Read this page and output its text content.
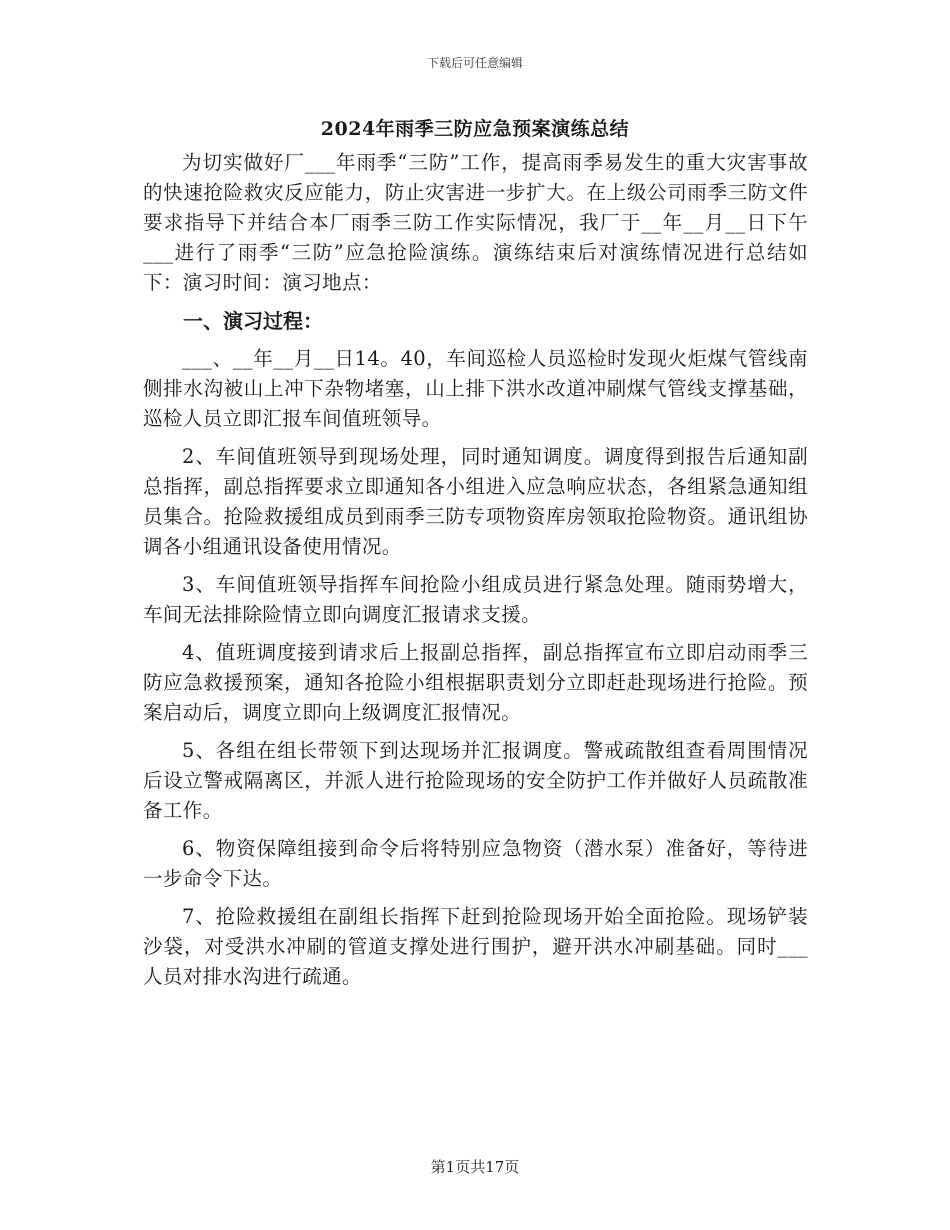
下载后可任意编辑
2024年雨季三防应急预案演练总结

为切实做好厂___年雨季“三防”工作，提高雨季易发生的重大灾害事故的快速抢险救灾反应能力，防止灾害进一步扩大。在上级公司雨季三防文件要求指导下并结合本厂雨季三防工作实际情况，我厂于__年__月__日下午___进行了雨季“三防”应急抢险演练。演练结束后对演练情况进行总结如下：演习时间：演习地点：

一、演习过程：

___、__年__月__日14。40，车间巡检人员巡检时发现火炬煤气管线南侧排水沟被山上冲下杂物堵塞，山上排下洪水改道冲刷煤气管线支撑基础，巡检人员立即汇报车间值班领导。

2、车间值班领导到现场处理，同时通知调度。调度得到报告后通知副总指挥，副总指挥要求立即通知各小组进入应急响应状态，各组紧急通知组员集合。抢险救援组成员到雨季三防专项物资库房领取抢险物资。通讯组协调各小组通讯设备使用情况。

3、车间值班领导指挥车间抢险小组成员进行紧急处理。随雨势增大，车间无法排除险情立即向调度汇报请求支援。

4、值班调度接到请求后上报副总指挥，副总指挥宣布立即启动雨季三防应急救援预案，通知各抢险小组根据职责划分立即赶赴现场进行抢险。预案启动后，调度立即向上级调度汇报情况。

5、各组在组长带领下到达现场并汇报调度。警戒疏散组查看周围情况后设立警戒隔离区，并派人进行抢险现场的安全防护工作并做好人员疏散准备工作。

6、物资保障组接到命令后将特别应急物资（潜水泵）准备好，等待进一步命令下达。

7、抢险救援组在副组长指挥下赶到抢险现场开始全面抢险。现场铲装沙袋，对受洪水冲刷的管道支撑处进行围护，避开洪水冲刷基础。同时___人员对排水沟进行疏通。

第1页共17页
